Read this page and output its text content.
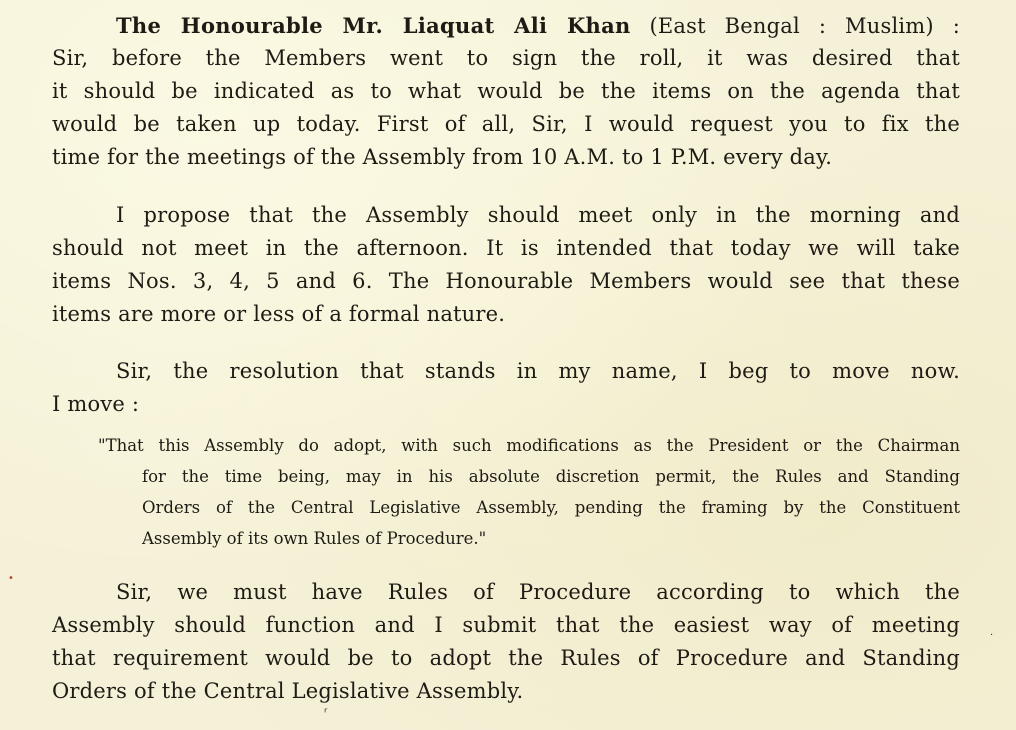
The Honourable Mr. Liaquat Ali Khan (East Bengal : Muslim) :
Sir, before the Members went to sign the roll, it was desired that
it should be indicated as to what would be the items on the agenda that
would be taken up today. First of all, Sir, I would request you to fix the
time for the meetings of the Assembly from 10 A.M. to 1 P.M. every day.
I propose that the Assembly should meet only in the morning and
should not meet in the afternoon. It is intended that today we will take
items Nos. 3, 4, 5 and 6. The Honourable Members would see that these
items are more or less of a formal nature.
Sir, the resolution that stands in my name, I beg to move now.
I move :
"That this Assembly do adopt, with such modifications as the President or the Chairman
for the time being, may in his absolute discretion permit, the Rules and Standing
Orders of the Central Legislative Assembly, pending the framing by the Constituent
Assembly of its own Rules of Procedure."
Sir, we must have Rules of Procedure according to which the
Assembly should function and I submit that the easiest way of meeting
that requirement would be to adopt the Rules of Procedure and Standing
Orders of the Central Legislative Assembly.
•
·
ʳ
